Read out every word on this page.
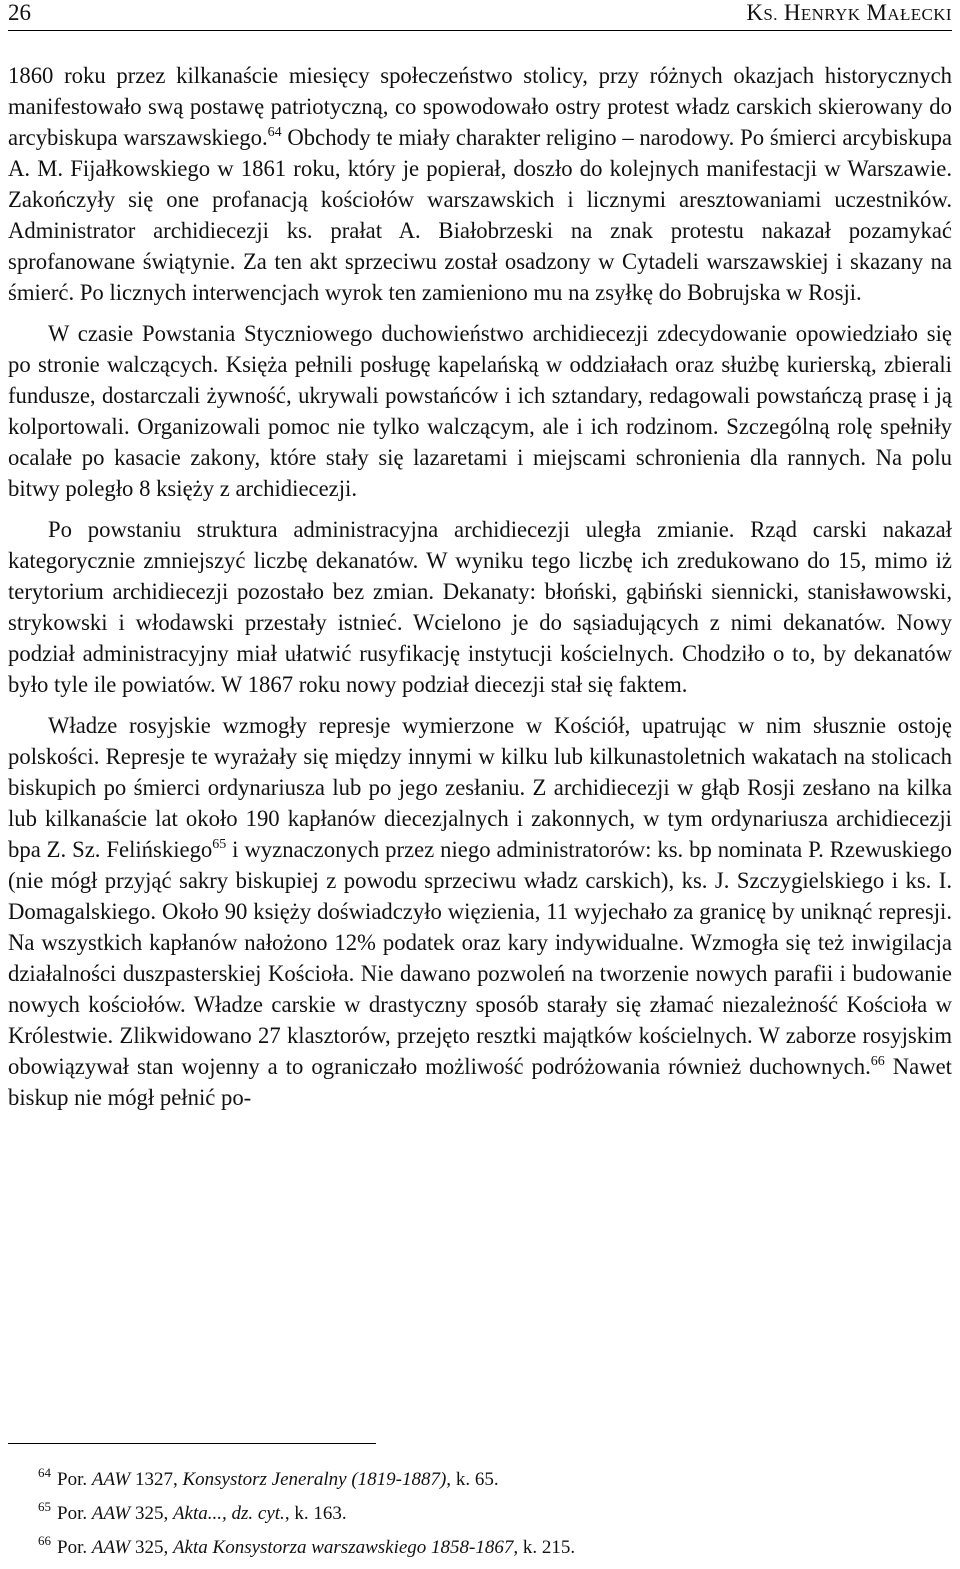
26	KS. HENRYK MAŁECKI

1860 roku przez kilkanaście miesięcy społeczeństwo stolicy, przy różnych okazjach historycznych manifestowało swą postawę patriotyczną, co spowodowało ostry protest władz carskich skierowany do arcybiskupa warszawskiego.$^{64}$ Obchody te miały charakter religino – narodowy. Po śmierci arcybiskupa A. M. Fijałkowskiego w 1861 roku, który je popierał, doszło do kolejnych manifestacji w Warszawie. Zakończyły się one profanacją kościołów warszawskich i licznymi aresztowaniami uczestników. Administrator archidiecezji ks. prałat A. Białobrzeski na znak protestu nakazał pozamykać sprofanowane świątynie. Za ten akt sprzeciwu został osadzony w Cytadeli warszawskiej i skazany na śmierć. Po licznych interwencjach wyrok ten zamieniono mu na zsyłkę do Bobrujska w Rosji.

W czasie Powstania Styczniowego duchowieństwo archidiecezji zdecydowanie opowiedziało się po stronie walczących. Księża pełnili posługę kapelańską w oddziałach oraz służbę kurierską, zbierali fundusze, dostarczali żywność, ukrywali powstańców i ich sztandary, redagowali powstańczą prasę i ją kolportowali. Organizowali pomoc nie tylko walczącym, ale i ich rodzinom. Szczególną rolę spełniły ocalałe po kasacie zakony, które stały się lazaretami i miejscami schronienia dla rannych. Na polu bitwy poległo 8 księży z archidiecezji.

Po powstaniu struktura administracyjna archidiecezji uległa zmianie. Rząd carski nakazał kategorycznie zmniejszyć liczbę dekanatów. W wyniku tego liczbę ich zredukowano do 15, mimo iż terytorium archidiecezji pozostało bez zmian. Dekanaty: błoński, gąbiński siennicki, stanisławowski, strykowski i włodawski przestały istnieć. Wcielono je do sąsiadujących z nimi dekanatów. Nowy podział administracyjny miał ułatwić rusyfikację instytucji kościelnych. Chodziło o to, by dekanatów było tyle ile powiatów. W 1867 roku nowy podział diecezji stał się faktem.

Władze rosyjskie wzmogły represje wymierzone w Kościół, upatrując w nim słusznie ostoję polskości. Represje te wyrażały się między innymi w kilku lub kilkunastoletnich wakatach na stolicach biskupich po śmierci ordynariusza lub po jego zesłaniu. Z archidiecezji w głąb Rosji zesłano na kilka lub kilkanaście lat około 190 kapłanów diecezjalnych i zakonnych, w tym ordynariusza archidiecezji bpa Z. Sz. Felińskiego$^{65}$ i wyznaczonych przez niego administratorów: ks. bp nominata P. Rzewuskiego (nie mógł przyjąć sakry biskupiej z powodu sprzeciwu władz carskich), ks. J. Szczygielskiego i ks. I. Domagalskiego. Około 90 księży doświadczyło więzienia, 11 wyjechało za granicę by uniknąć represji. Na wszystkich kapłanów nałożono 12% podatek oraz kary indywidualne. Wzmogła się też inwigilacja działalności duszpasterskiej Kościoła. Nie dawano pozwoleń na tworzenie nowych parafii i budowanie nowych kościołów. Władze carskie w drastyczny sposób starały się złamać niezależność Kościoła w Królestwie. Zlikwidowano 27 klasztorów, przejęto resztki majątków kościelnych. W zaborze rosyjskim obowiązywał stan wojenny a to ograniczało możliwość podróżowania również duchownych.$^{66}$ Nawet biskup nie mógł pełnić po-

$^{64}$ Por. AAW 1327, Konsystorz Jeneralny (1819-1887), k. 65.
$^{65}$ Por. AAW 325, Akta..., dz. cyt., k. 163.
$^{66}$ Por. AAW 325, Akta Konsystorza warszawskiego 1858-1867, k. 215.
